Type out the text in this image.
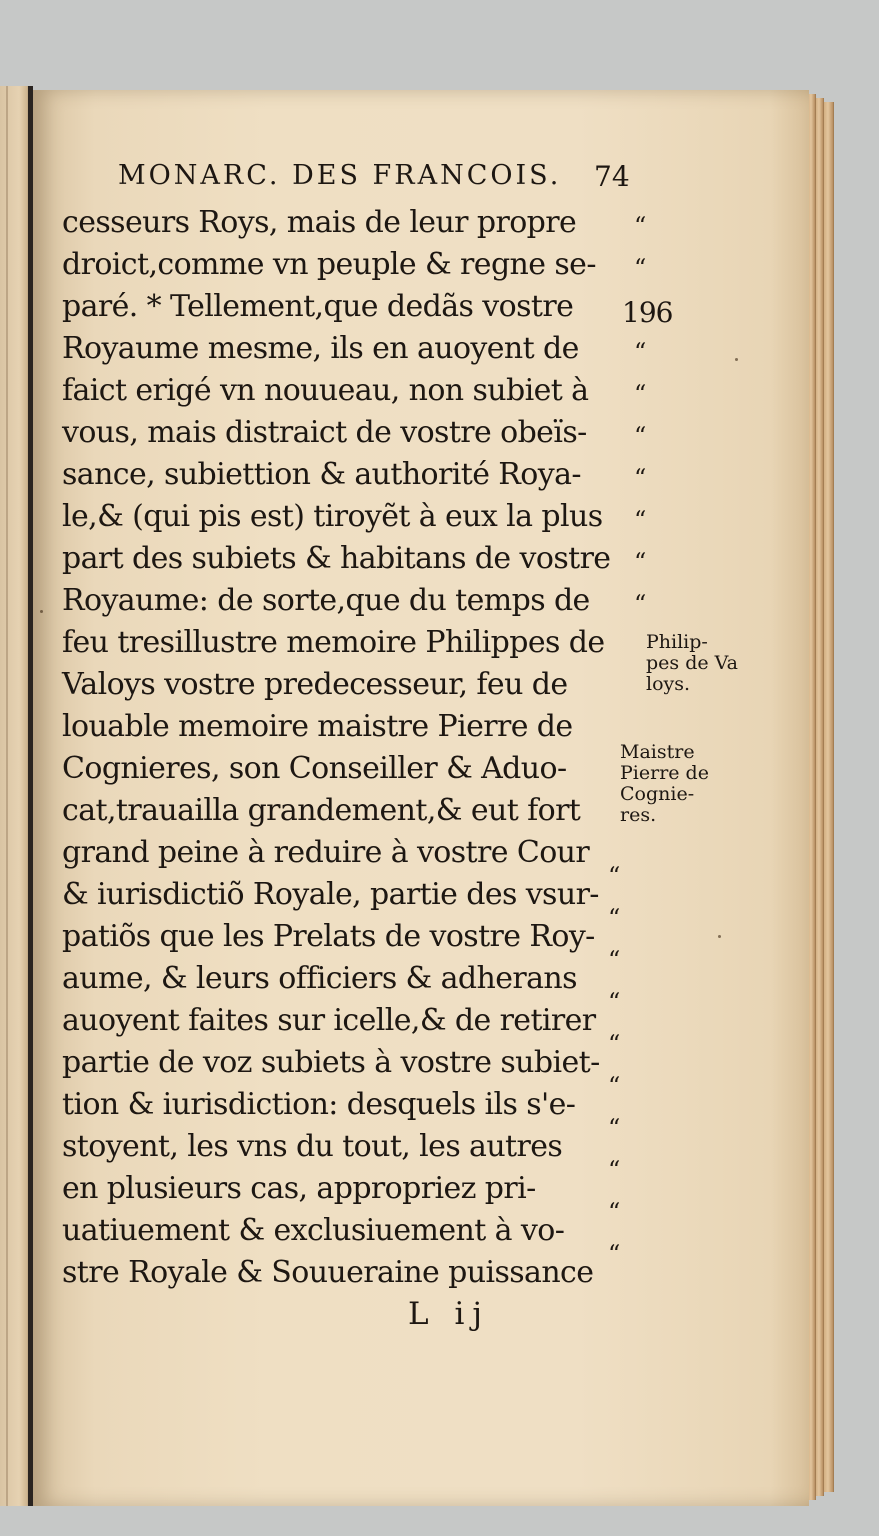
MONARC. DES FRANCOIS. 74
cesseurs Roys, mais de leur propre
droict,comme vn peuple & regne se-
paré. * Tellement,que dedãs vostre
Royaume mesme, ils en auoyent de
faict erigé vn nouueau, non subiet à
vous, mais distraict de vostre obeïs-
sance, subiettion & authorité Roya-
le,& (qui pis est) tiroyẽt à eux la plus
part des subiets & habitans de vostre
Royaume: de sorte,que du temps de
feu tresillustre memoire Philippes de
Valoys vostre predecesseur, feu de
louable memoire maistre Pierre de
Cognieres, son Conseiller & Aduo-
cat,trauailla grandement,& eut fort
grand peine à reduire à vostre Cour
& iurisdictiõ Royale, partie des vsur-
patiõs que les Prelats de vostre Roy-
aume, & leurs officiers & adherans
auoyent faites sur icelle,& de retirer
partie de voz subiets à vostre subiet-
tion & iurisdiction: desquels ils s'e-
stoyent, les vns du tout, les autres
en plusieurs cas, appropriez pri-
uatiuement & exclusiuement à vo-
stre Royale & Souueraine puissance
“
“
196
“
“
“
“
“
“
“
Philip-
pes de Va
loys.
Maistre
Pierre de
Cognie-
res.
“
“
“
“
“
“
“
“
“
“
L ij
